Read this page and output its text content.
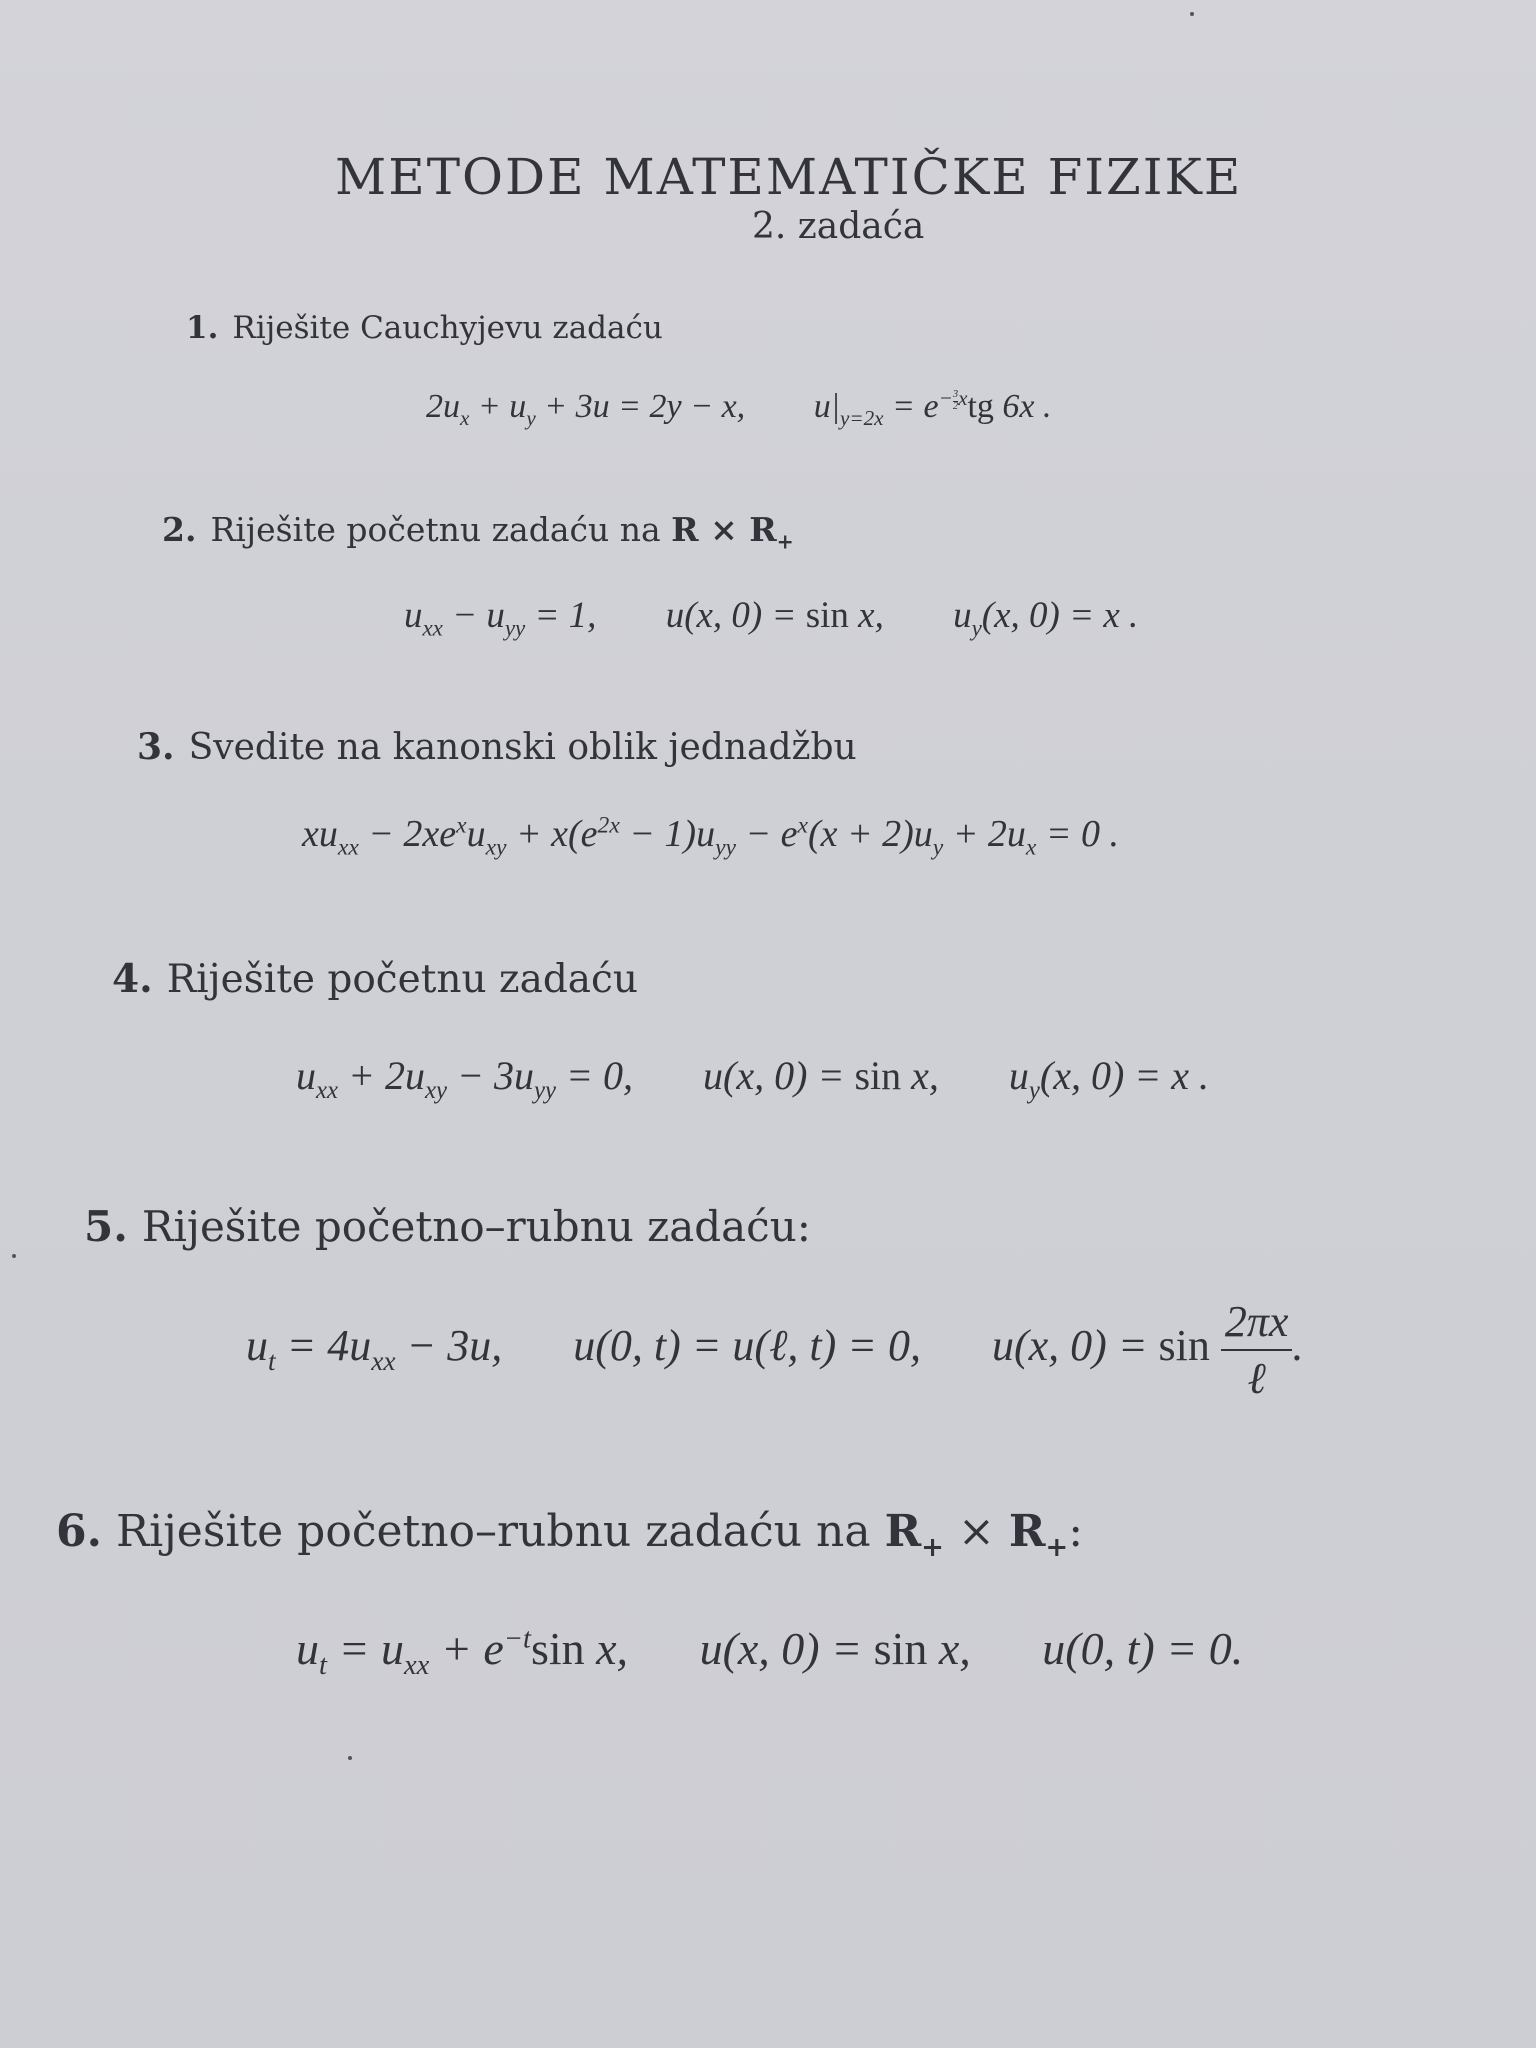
METODE MATEMATIČKE FIZIKE
2. zadaća
1. Riješite Cauchyjevu zadaću
$2u_x + u_y + 3u = 2y - x$, $u|_{y=2x} = e^{- \frac{3}{2} x}tg$ 6x .
2. Riješite početnu zadaću na $R \times R_+$
$u_{xx} - u_{yy} = 1$, u(x, 0) = sin x, $u_y(x$, 0) = x .
3. Svedite na kanonski oblik jednadžbu
$xu_{xx} - 2xe^xu_{xy} + x(e^{2x} - 1)u_{yy} - e^x(x + 2)u_y + 2u_x = 0$ .
4. Riješite početnu zadaću
$u_{xx} + 2u_{xy} - 3u_{yy} = 0$, u(x, 0) = sin x, $u_y(x$, 0) = x .
5. Riješite početno–rubnu zadaću:
$u_t = 4u_{xx} - 3u$, u(0, t) = u(ℓ, t) = 0, u(x, $0) = \sin \frac{2\pi x}{\text{ℓ}}$ .
6. Riješite početno–rubnu zadaću na $R_+ \times R_+$:
$u_t = u_{xx} + e^{-t}\sin$ x, u(x, 0) = sin x, u(0, t) = 0.
